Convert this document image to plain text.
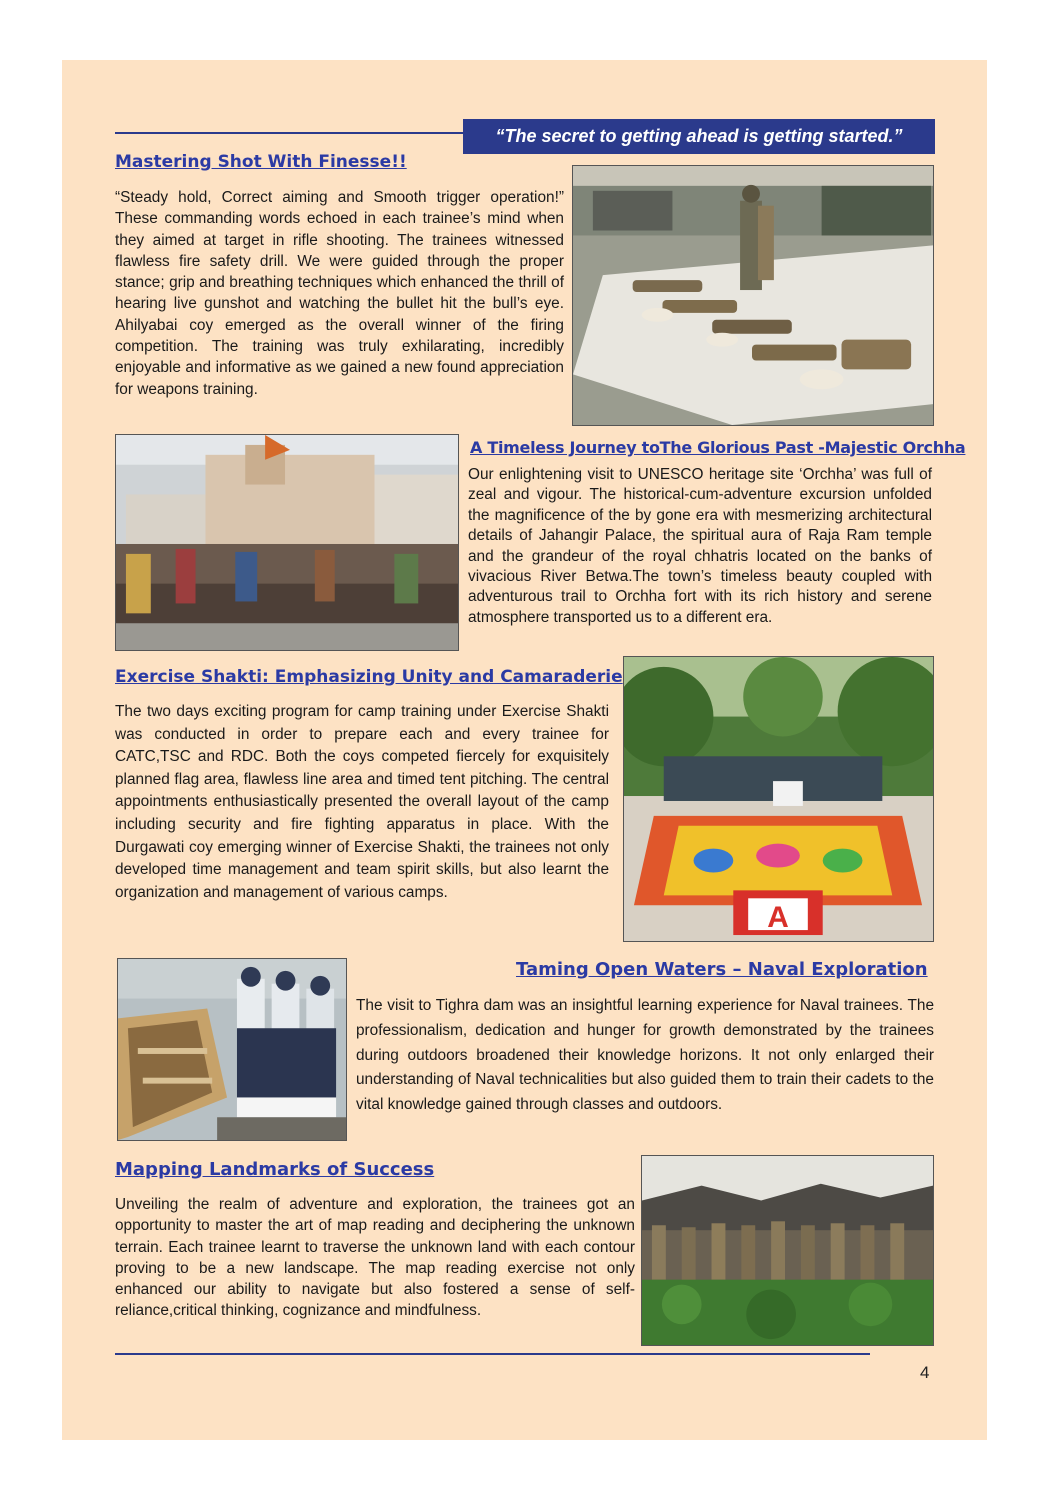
“The secret to getting ahead is getting started.”
Mastering Shot With Finesse!!

“Steady hold, Correct aiming and Smooth trigger operation!” These commanding words echoed in each trainee’s mind when they aimed at target in rifle shooting. The trainees witnessed flawless fire safety drill. We were guided through the proper stance; grip and breathing techniques which enhanced the thrill of hearing live gunshot and watching the bullet hit the bull’s eye. Ahilyabai coy emerged as the overall winner of the firing competition. The training was truly exhilarating, incredibly enjoyable and informative as we gained a new found appreciation for weapons training.

A Timeless Journey toThe Glorious Past -Majestic Orchha

Our enlightening visit to UNESCO heritage site ‘Orchha’ was full of zeal and vigour. The historical-cum-adventure excursion unfolded the magnificence of the by gone era with mesmerizing architectural details of Jahangir Palace, the spiritual aura of Raja Ram temple and the grandeur of the royal chhatris located on the banks of vivacious River Betwa.The town’s timeless beauty coupled with adventurous trail to Orchha fort with its rich history and serene atmosphere transported us to a different era.

Exercise Shakti: Emphasizing Unity and Camaraderie

The two days exciting program for camp training under Exercise Shakti was conducted in order to prepare each and every trainee for CATC,TSC and RDC. Both the coys competed fiercely for exquisitely planned flag area, flawless line area and timed tent pitching. The central appointments enthusiastically presented the overall layout of the camp including security and fire fighting apparatus in place. With the Durgawati coy emerging winner of Exercise Shakti, the trainees not only developed time management and team spirit skills, but also learnt the organization and management of various camps.

A
Taming Open Waters – Naval Exploration

The visit to Tighra dam was an insightful learning experience for Naval trainees. The professionalism, dedication and hunger for growth demonstrated by the trainees during outdoors broadened their knowledge horizons. It not only enlarged their understanding of Naval technicalities but also guided them to train their cadets to the vital knowledge gained through classes and outdoors.

Mapping Landmarks of Success

Unveiling the realm of adventure and exploration, the trainees got an opportunity to master the art of map reading and deciphering the unknown terrain. Each trainee learnt to traverse the unknown land with each contour proving to be a new landscape. The map reading exercise not only enhanced our ability to navigate but also fostered a sense of self-reliance,critical thinking, cognizance and mindfulness.

4
